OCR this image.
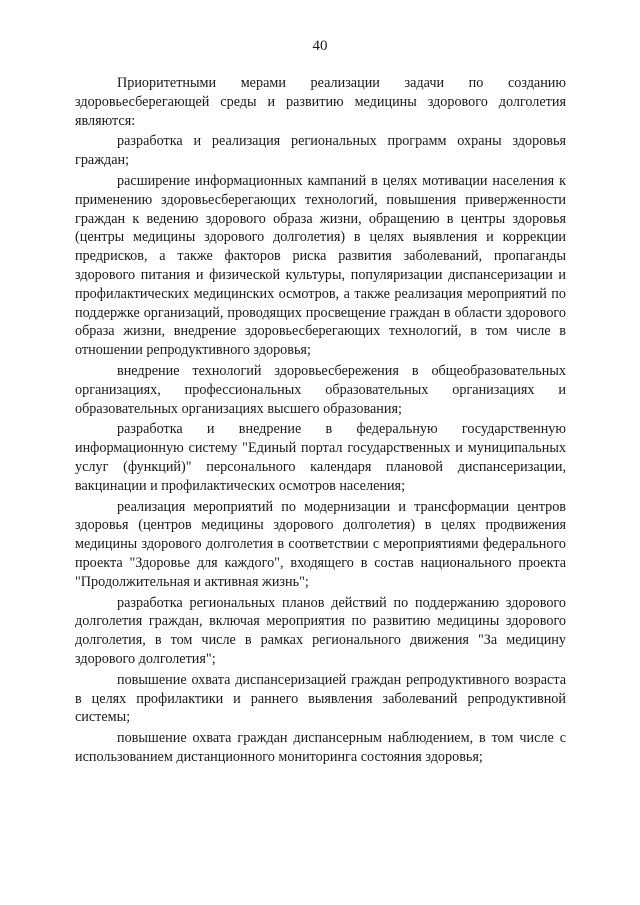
40

Приоритетными мерами реализации задачи по созданию здоровьесберегающей среды и развитию медицины здорового долголетия являются:

разработка и реализация региональных программ охраны здоровья граждан;

расширение информационных кампаний в целях мотивации населения к применению здоровьесберегающих технологий, повышения приверженности граждан к ведению здорового образа жизни, обращению в центры здоровья (центры медицины здорового долголетия) в целях выявления и коррекции предрисков, а также факторов риска развития заболеваний, пропаганды здорового питания и физической культуры, популяризации диспансеризации и профилактических медицинских осмотров, а также реализация мероприятий по поддержке организаций, проводящих просвещение граждан в области здорового образа жизни, внедрение здоровьесберегающих технологий, в том числе в отношении репродуктивного здоровья;

внедрение технологий здоровьесбережения в общеобразовательных организациях, профессиональных образовательных организациях и образовательных организациях высшего образования;

разработка и внедрение в федеральную государственную информационную систему "Единый портал государственных и муниципальных услуг (функций)" персонального календаря плановой диспансеризации, вакцинации и профилактических осмотров населения;

реализация мероприятий по модернизации и трансформации центров здоровья (центров медицины здорового долголетия) в целях продвижения медицины здорового долголетия в соответствии с мероприятиями федерального проекта "Здоровье для каждого", входящего в состав национального проекта "Продолжительная и активная жизнь";

разработка региональных планов действий по поддержанию здорового долголетия граждан, включая мероприятия по развитию медицины здорового долголетия, в том числе в рамках регионального движения "За медицину здорового долголетия";

повышение охвата диспансеризацией граждан репродуктивного возраста в целях профилактики и раннего выявления заболеваний репродуктивной системы;

повышение охвата граждан диспансерным наблюдением, в том числе с использованием дистанционного мониторинга состояния здоровья;
